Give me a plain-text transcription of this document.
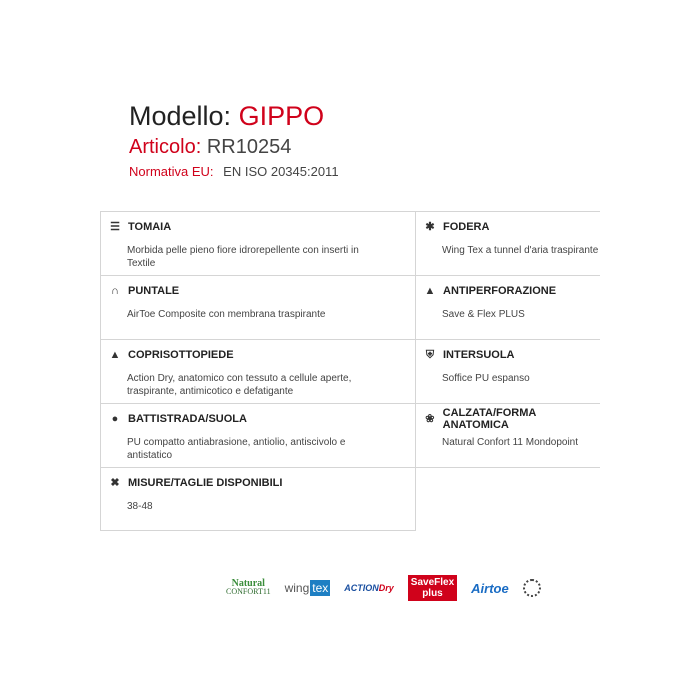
Modello: GIPPO
Articolo: RR10254
Normativa EU: EN ISO 20345:2011
☰ TOMAIA
Morbida pelle pieno fiore idrorepellente con inserti in Textile
✱ FODERA
Wing Tex a tunnel d'aria traspirante
∩ PUNTALE
AirToe Composite con membrana traspirante
▲ ANTIPERFORAZIONE
Save & Flex PLUS
▲ COPRISOTTOPIEDE
Action Dry, anatomico con tessuto a cellule aperte, traspirante, antimicotico e defatigante
⛨ INTERSUOLA
Soffice PU espanso
● BATTISTRADA/SUOLA
PU compatto antiabrasione, antiolio, antiscivolo e antistatico
❀ CALZATA/FORMA ANATOMICA
Natural Confort 11 Mondopoint
✖ MISURE/TAGLIE DISPONIBILI
38-48
Natural
CONFORT11 wing tex ACTION Dry SaveFlex
plus	Airtoe
